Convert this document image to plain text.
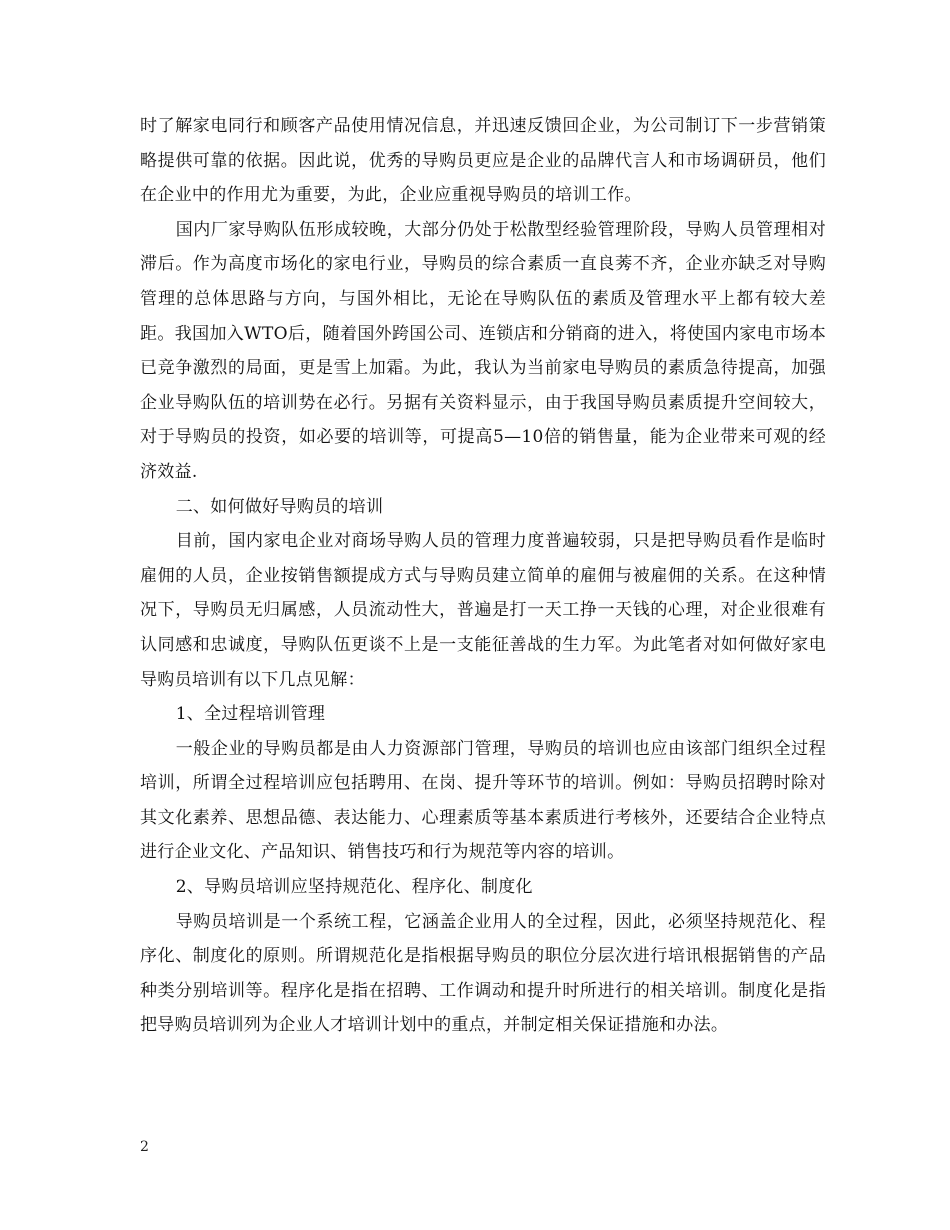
时了解家电同行和顾客产品使用情况信息，并迅速反馈回企业，为公司制订下一步营销策略提供可靠的依据。因此说，优秀的导购员更应是企业的品牌代言人和市场调研员，他们在企业中的作用尤为重要，为此，企业应重视导购员的培训工作。

国内厂家导购队伍形成较晚，大部分仍处于松散型经验管理阶段，导购人员管理相对滞后。作为高度市场化的家电行业，导购员的综合素质一直良莠不齐，企业亦缺乏对导购管理的总体思路与方向，与国外相比，无论在导购队伍的素质及管理水平上都有较大差距。我国加入WTO后，随着国外跨国公司、连锁店和分销商的进入，将使国内家电市场本已竞争激烈的局面，更是雪上加霜。为此，我认为当前家电导购员的素质急待提高，加强企业导购队伍的培训势在必行。另据有关资料显示，由于我国导购员素质提升空间较大，对于导购员的投资，如必要的培训等，可提高5—10倍的销售量，能为企业带来可观的经济效益.

二、如何做好导购员的培训

目前，国内家电企业对商场导购人员的管理力度普遍较弱，只是把导购员看作是临时雇佣的人员，企业按销售额提成方式与导购员建立简单的雇佣与被雇佣的关系。在这种情况下，导购员无归属感，人员流动性大，普遍是打一天工挣一天钱的心理，对企业很难有认同感和忠诚度，导购队伍更谈不上是一支能征善战的生力军。为此笔者对如何做好家电导购员培训有以下几点见解：

1、全过程培训管理

一般企业的导购员都是由人力资源部门管理，导购员的培训也应由该部门组织全过程培训，所谓全过程培训应包括聘用、在岗、提升等环节的培训。例如：导购员招聘时除对其文化素养、思想品德、表达能力、心理素质等基本素质进行考核外，还要结合企业特点进行企业文化、产品知识、销售技巧和行为规范等内容的培训。

2、导购员培训应坚持规范化、程序化、制度化

导购员培训是一个系统工程，它涵盖企业用人的全过程，因此，必须坚持规范化、程序化、制度化的原则。所谓规范化是指根据导购员的职位分层次进行培讯根据销售的产品种类分别培训等。程序化是指在招聘、工作调动和提升时所进行的相关培训。制度化是指把导购员培训列为企业人才培训计划中的重点，并制定相关保证措施和办法。

2
